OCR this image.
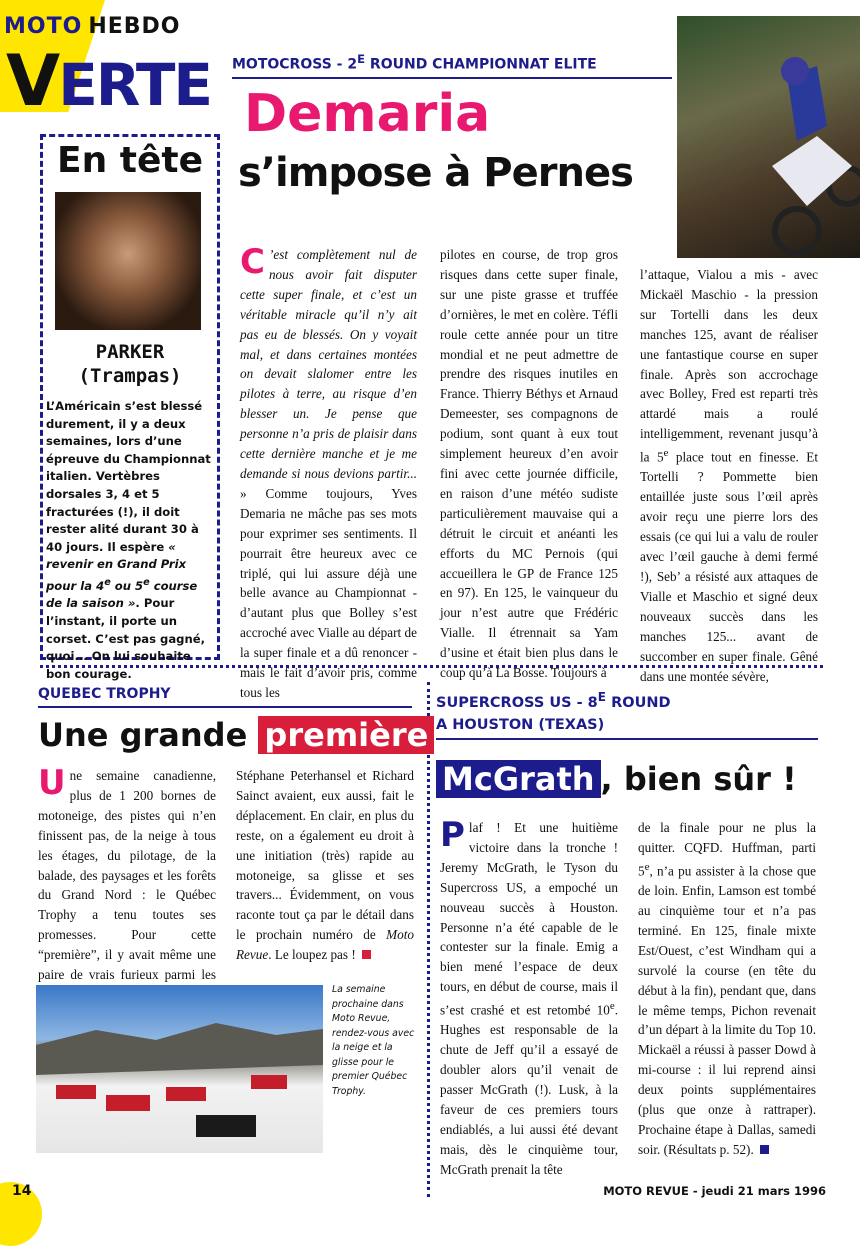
MOTO HEBDO
VERTE
En tête
PARKER
(Trampas)
L’Américain s’est blessé durement, il y a deux semaines, lors d’une épreuve du Championnat italien. Vertèbres dorsales 3, 4 et 5 fracturées (!), il doit rester alité durant 30 à 40 jours. Il espère « revenir en Grand Prix pour la 4e ou 5e course de la saison ». Pour l’instant, il porte un corset. C’est pas gagné, quoi... On lui souhaite bon courage.
MOTOCROSS - $2^E$ ROUND CHAMPIONNAT ELITE
Demaria
s’impose à Pernes
C ’est complètement nul de nous avoir fait disputer cette super finale, et c’est un véritable miracle qu’il n’y ait pas eu de blessés. On y voyait mal, et dans certaines montées on devait slalomer entre les pilotes à terre, au risque d’en blesser un. Je pense que personne n’a pris de plaisir dans cette dernière manche et je me demande si nous devions partir... » Comme toujours, Yves Demaria ne mâche pas ses mots pour exprimer ses sentiments. Il pourrait être heureux avec ce triplé, qui lui assure déjà une belle avance au Championnat - d’autant plus que Bolley s’est accroché avec Vialle au départ de la super finale et a dû renoncer - mais le fait d’avoir pris, comme tous les
pilotes en course, de trop gros risques dans cette super finale, sur une piste grasse et truffée d’ornières, le met en colère. Téfli roule cette année pour un titre mondial et ne peut admettre de prendre des risques inutiles en France. Thierry Béthys et Arnaud Demeester, ses compagnons de podium, sont quant à eux tout simplement heureux d’en avoir fini avec cette journée difficile, en raison d’une météo sudiste particulièrement mauvaise qui a détruit le circuit et anéanti les efforts du MC Pernois (qui accueillera le GP de France 125 en 97). En 125, le vainqueur du jour n’est autre que Frédéric Vialle. Il étrennait sa Yam d’usine et était bien plus dans le coup qu’à La Bosse. Toujours à
l’attaque, Vialou a mis - avec Mickaël Maschio - la pression sur Tortelli dans les deux manches 125, avant de réaliser une fantastique course en super finale. Après son accrochage avec Bolley, Fred est reparti très attardé mais a roulé intelligemment, revenant jusqu’à la 5e place tout en finesse. Et Tortelli ? Pommette bien entaillée juste sous l’œil après avoir reçu une pierre lors des essais (ce qui lui a valu de rouler avec l’œil gauche à demi fermé !), Seb’ a résisté aux attaques de Vialle et Maschio et signé deux nouveaux succès dans les manches 125... avant de succomber en super finale. Gêné dans une montée sévère,
QUEBEC TROPHY
Une grande première
Une semaine canadienne, plus de 1 200 bornes de motoneige, des pistes qui n’en finissent pas, de la neige à tous les étages, du pilotage, de la balade, des paysages et les forêts du Grand Nord : le Québec Trophy a tenu toutes ses promesses. Pour cette “première”, il y avait même une paire de vrais furieux parmi les
Stéphane Peterhansel et Richard Sainct avaient, eux aussi, fait le déplacement. En clair, en plus du reste, on a également eu droit à une initiation (très) rapide au motoneige, sa glisse et ses travers... Évidemment, on vous raconte tout ça par le détail dans le prochain numéro de Moto Revue. Le loupez pas !
La semaine prochaine dans Moto Revue, rendez-vous avec la neige et la glisse pour le premier Québec Trophy.
SUPERCROSS US - $8^E$ ROUND
A HOUSTON (TEXAS)
McGrath , bien sûr !
Plaf ! Et une huitième victoire dans la tronche ! Jeremy McGrath, le Tyson du Supercross US, a empoché un nouveau succès à Houston. Personne n’a été capable de le contester sur la finale. Emig a bien mené l’espace de deux tours, en début de course, mais il s’est crashé et est retombé 10e. Hughes est responsable de la chute de Jeff qu’il a essayé de doubler alors qu’il venait de passer McGrath (!). Lusk, à la faveur de ces premiers tours endiablés, a lui aussi été devant mais, dès le cinquième tour, McGrath prenait la tête
de la finale pour ne plus la quitter. CQFD. Huffman, parti 5e, n’a pu assister à la chose que de loin. Enfin, Lamson est tombé au cinquième tour et n’a pas terminé. En 125, finale mixte Est/Ouest, c’est Windham qui a survolé la course (en tête du début à la fin), pendant que, dans le même temps, Pichon revenait d’un départ à la limite du Top 10. Mickaël a réussi à passer Dowd à mi-course : il lui reprend ainsi deux points supplémentaires (plus que onze à rattraper). Prochaine étape à Dallas, samedi soir. (Résultats p. 52).
14	MOTO REVUE - jeudi 21 mars 1996
